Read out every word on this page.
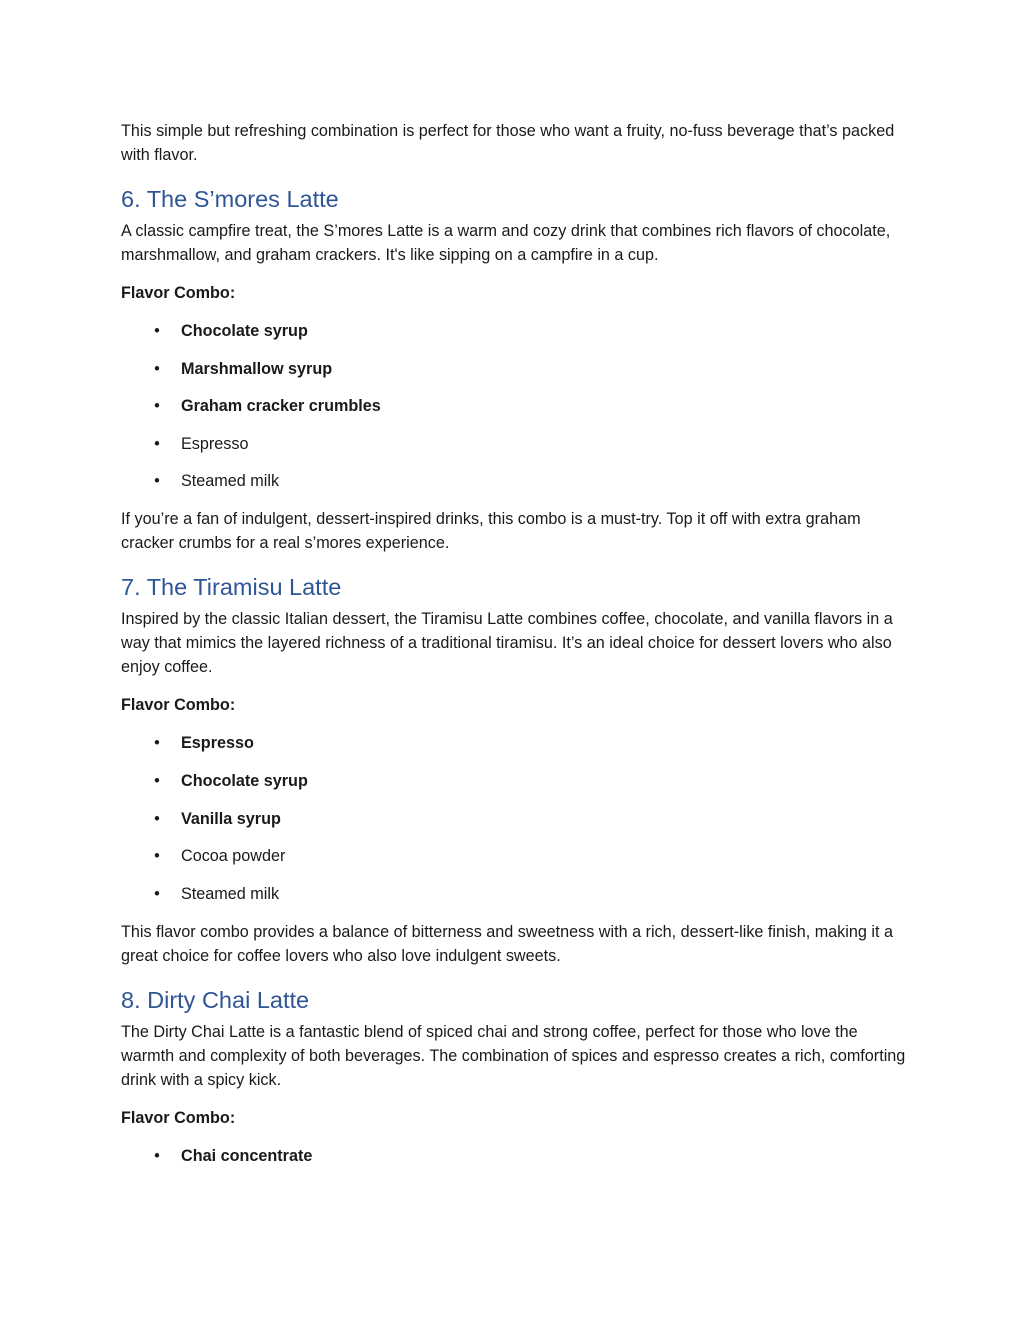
This simple but refreshing combination is perfect for those who want a fruity, no-fuss beverage that’s packed with flavor.

6. The S’mores Latte

A classic campfire treat, the S’mores Latte is a warm and cozy drink that combines rich flavors of chocolate, marshmallow, and graham crackers. It's like sipping on a campfire in a cup.

Flavor Combo:

• Chocolate syrup
• Marshmallow syrup
• Graham cracker crumbles
• Espresso
• Steamed milk

If you’re a fan of indulgent, dessert-inspired drinks, this combo is a must-try. Top it off with extra graham cracker crumbs for a real s’mores experience.

7. The Tiramisu Latte

Inspired by the classic Italian dessert, the Tiramisu Latte combines coffee, chocolate, and vanilla flavors in a way that mimics the layered richness of a traditional tiramisu. It’s an ideal choice for dessert lovers who also enjoy coffee.

Flavor Combo:

• Espresso
• Chocolate syrup
• Vanilla syrup
• Cocoa powder
• Steamed milk

This flavor combo provides a balance of bitterness and sweetness with a rich, dessert-like finish, making it a great choice for coffee lovers who also love indulgent sweets.

8. Dirty Chai Latte

The Dirty Chai Latte is a fantastic blend of spiced chai and strong coffee, perfect for those who love the warmth and complexity of both beverages. The combination of spices and espresso creates a rich, comforting drink with a spicy kick.

Flavor Combo:

• Chai concentrate
